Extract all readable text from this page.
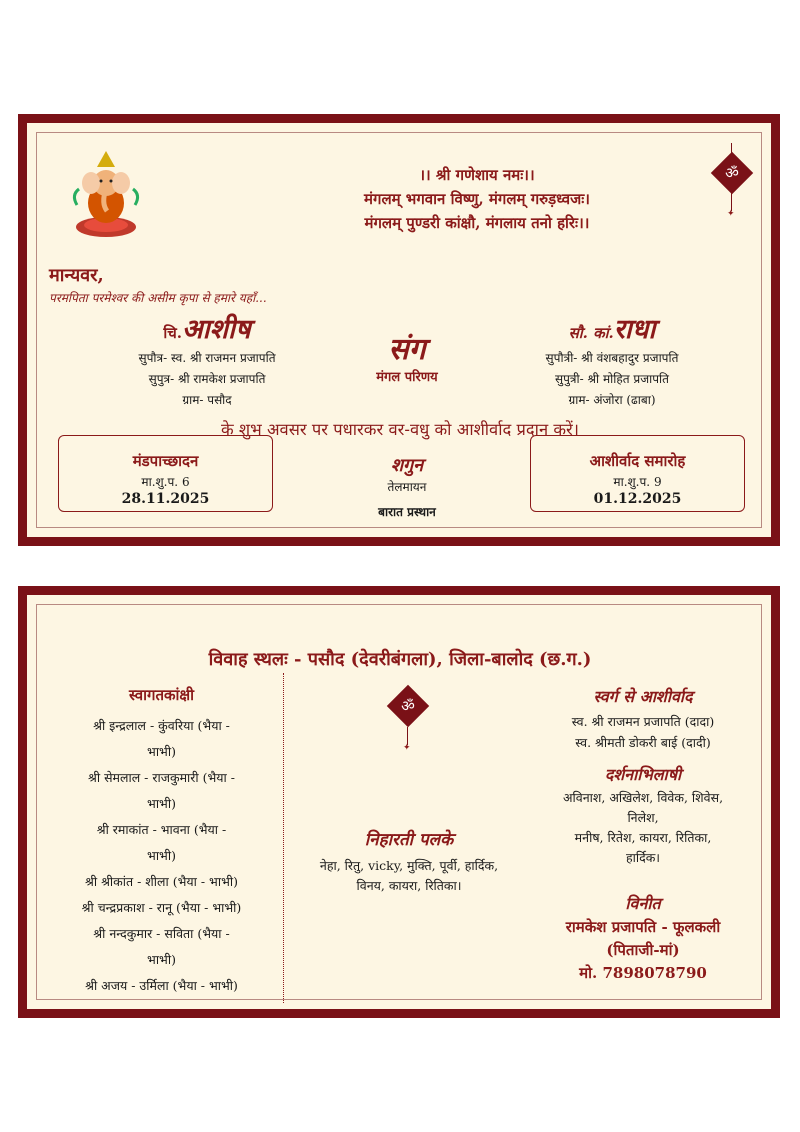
।। श्री गणेशाय नमः।।
मंगलम् भगवान विष्णु, मंगलम् गरुड़ध्वजः।
मंगलम् पुण्डरी कांक्षौ, मंगलाय तनो हरिः।।
ॐ
✦
मान्यवर,
परमपिता परमेश्वर की असीम कृपा से हमारे यहाँ...
चि.आशीष
सुपौत्र- स्व. श्री राजमन प्रजापति
सुपुत्र- श्री रामकेश प्रजापति
ग्राम- पसौद
संग
मंगल परिणय
सौ. कां.राधा
सुपौत्री- श्री वंशबहादुर प्रजापति
सुपुत्री- श्री मोहित प्रजापति
ग्राम- अंजोरा (ढाबा)
के शुभ अवसर पर पधारकर वर-वधु को आशीर्वाद प्रदान करें।
मंडपाच्छादन
मा.शु.प. 6
28.11.2025
शगुन
तेलमायन
बारात प्रस्थान
आशीर्वाद समारोह
मा.शु.प. 9
01.12.2025
विवाह स्थलः - पसौद (देवरीबंगला), जिला-बालोद (छ.ग.)
स्वागतकांक्षी
श्री इन्द्रलाल - कुंवरिया (भैया -
भाभी)
श्री सेमलाल - राजकुमारी (भैया -
भाभी)
श्री रमाकांत - भावना (भैया -
भाभी)
श्री श्रीकांत - शीला (भैया - भाभी)
श्री चन्द्रप्रकाश - रानू (भैया - भाभी)
श्री नन्दकुमार - सविता (भैया -
भाभी)
श्री अजय - उर्मिला (भैया - भाभी)
ॐ
✦
निहारती पलके
नेहा, रितु, vicky, मुक्ति, पूर्वी, हार्दिक,
विनय, कायरा, रितिका।
स्वर्ग से आशीर्वाद
स्व. श्री राजमन प्रजापति (दादा)
स्व. श्रीमती डोकरी बाई (दादी)
दर्शनाभिलाषी
अविनाश, अखिलेश, विवेक, शिवेस,
निलेश,
मनीष, रितेश, कायरा, रितिका,
हार्दिक।
विनीत
रामकेश प्रजापति - फूलकली
(पिताजी-मां)
मो. 7898078790
